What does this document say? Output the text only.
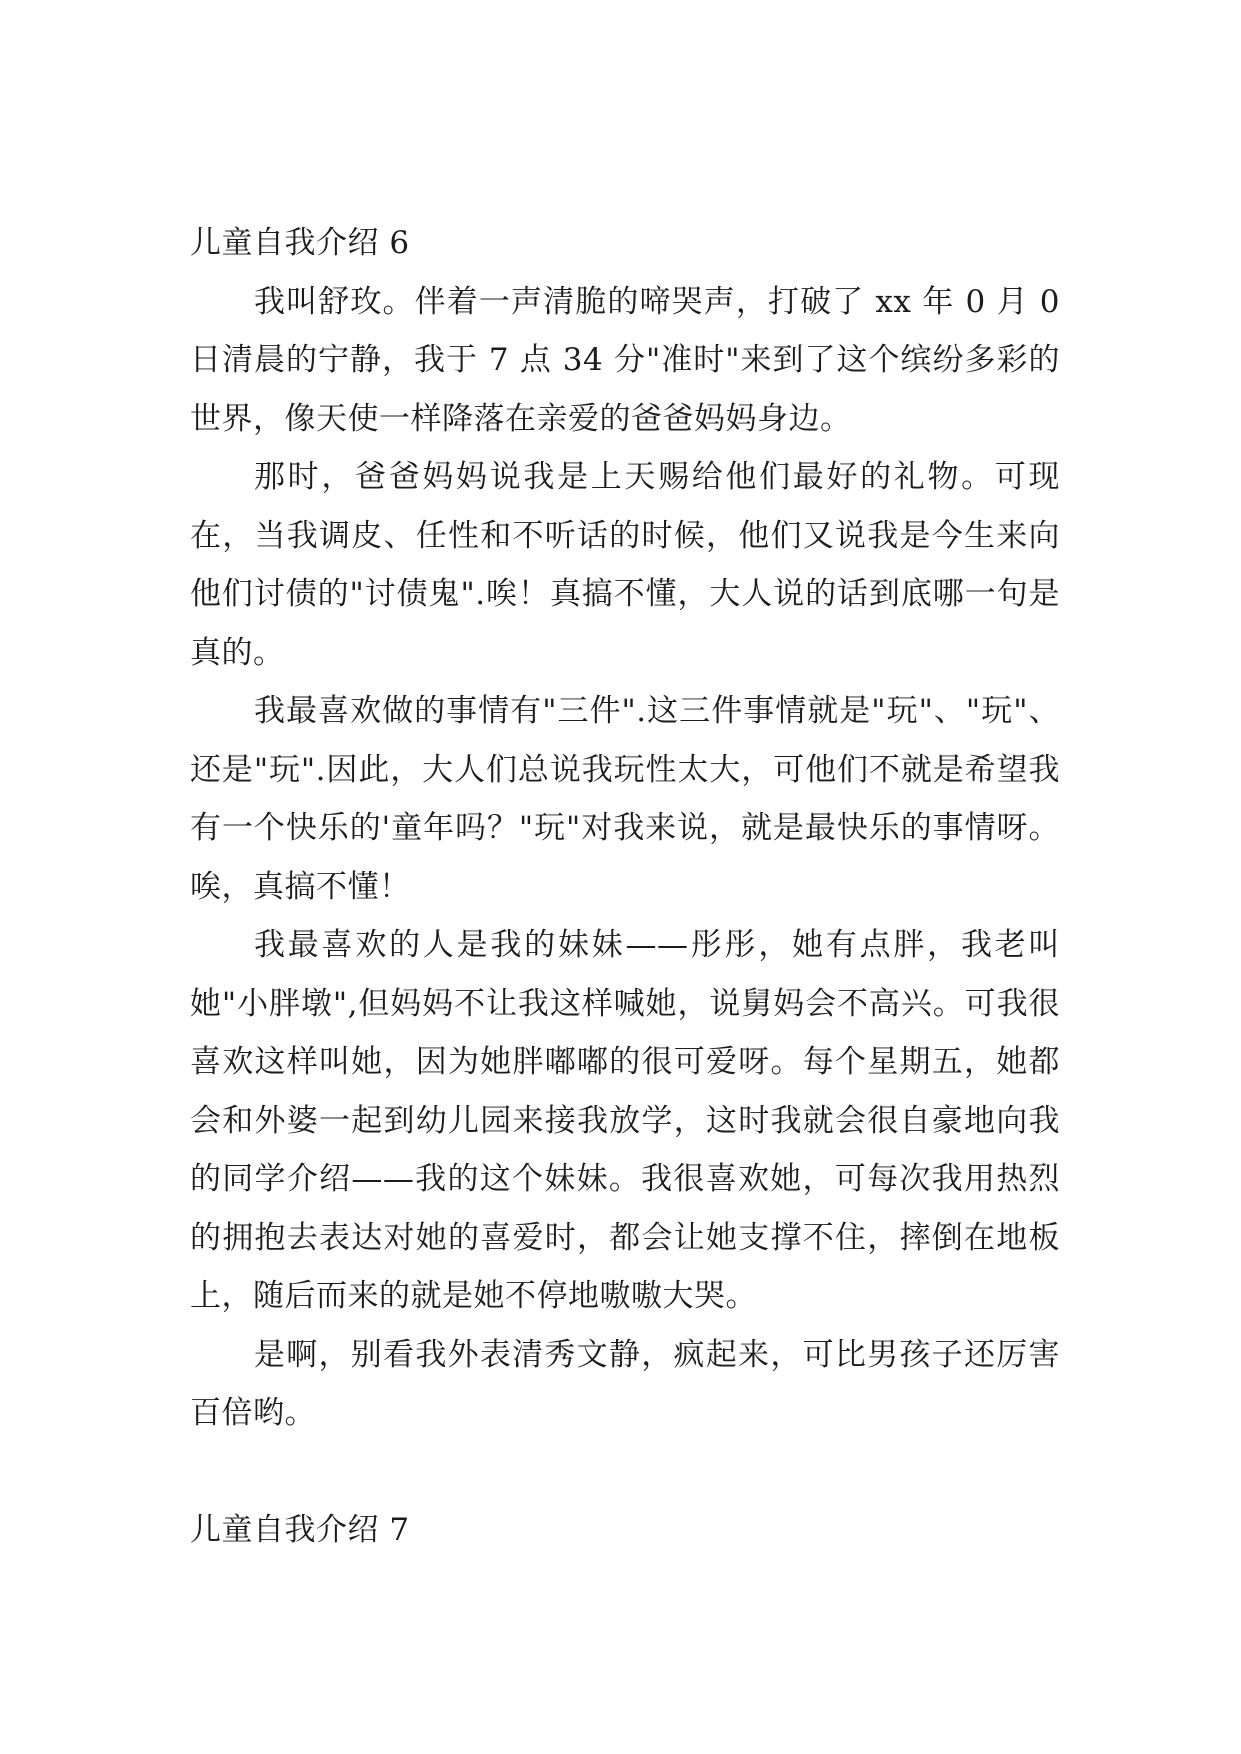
儿童自我介绍 6

我叫舒玫。伴着一声清脆的啼哭声，打破了 xx 年 0 月 0 日清晨的宁静，我于 7 点 34 分"准时"来到了这个缤纷多彩的世界，像天使一样降落在亲爱的爸爸妈妈身边。

那时，爸爸妈妈说我是上天赐给他们最好的礼物。可现在，当我调皮、任性和不听话的时候，他们又说我是今生来向他们讨债的"讨债鬼".唉！真搞不懂，大人说的话到底哪一句是真的。

我最喜欢做的事情有"三件".这三件事情就是"玩"、"玩"、还是"玩".因此，大人们总说我玩性太大，可他们不就是希望我有一个快乐的'童年吗？"玩"对我来说，就是最快乐的事情呀。唉，真搞不懂！

我最喜欢的人是我的妹妹——彤彤，她有点胖，我老叫她"小胖墩",但妈妈不让我这样喊她，说舅妈会不高兴。可我很喜欢这样叫她，因为她胖嘟嘟的很可爱呀。每个星期五，她都会和外婆一起到幼儿园来接我放学，这时我就会很自豪地向我的同学介绍——我的这个妹妹。我很喜欢她，可每次我用热烈的拥抱去表达对她的喜爱时，都会让她支撑不住，摔倒在地板上，随后而来的就是她不停地嗷嗷大哭。

是啊，别看我外表清秀文静，疯起来，可比男孩子还厉害百倍哟。

儿童自我介绍 7
